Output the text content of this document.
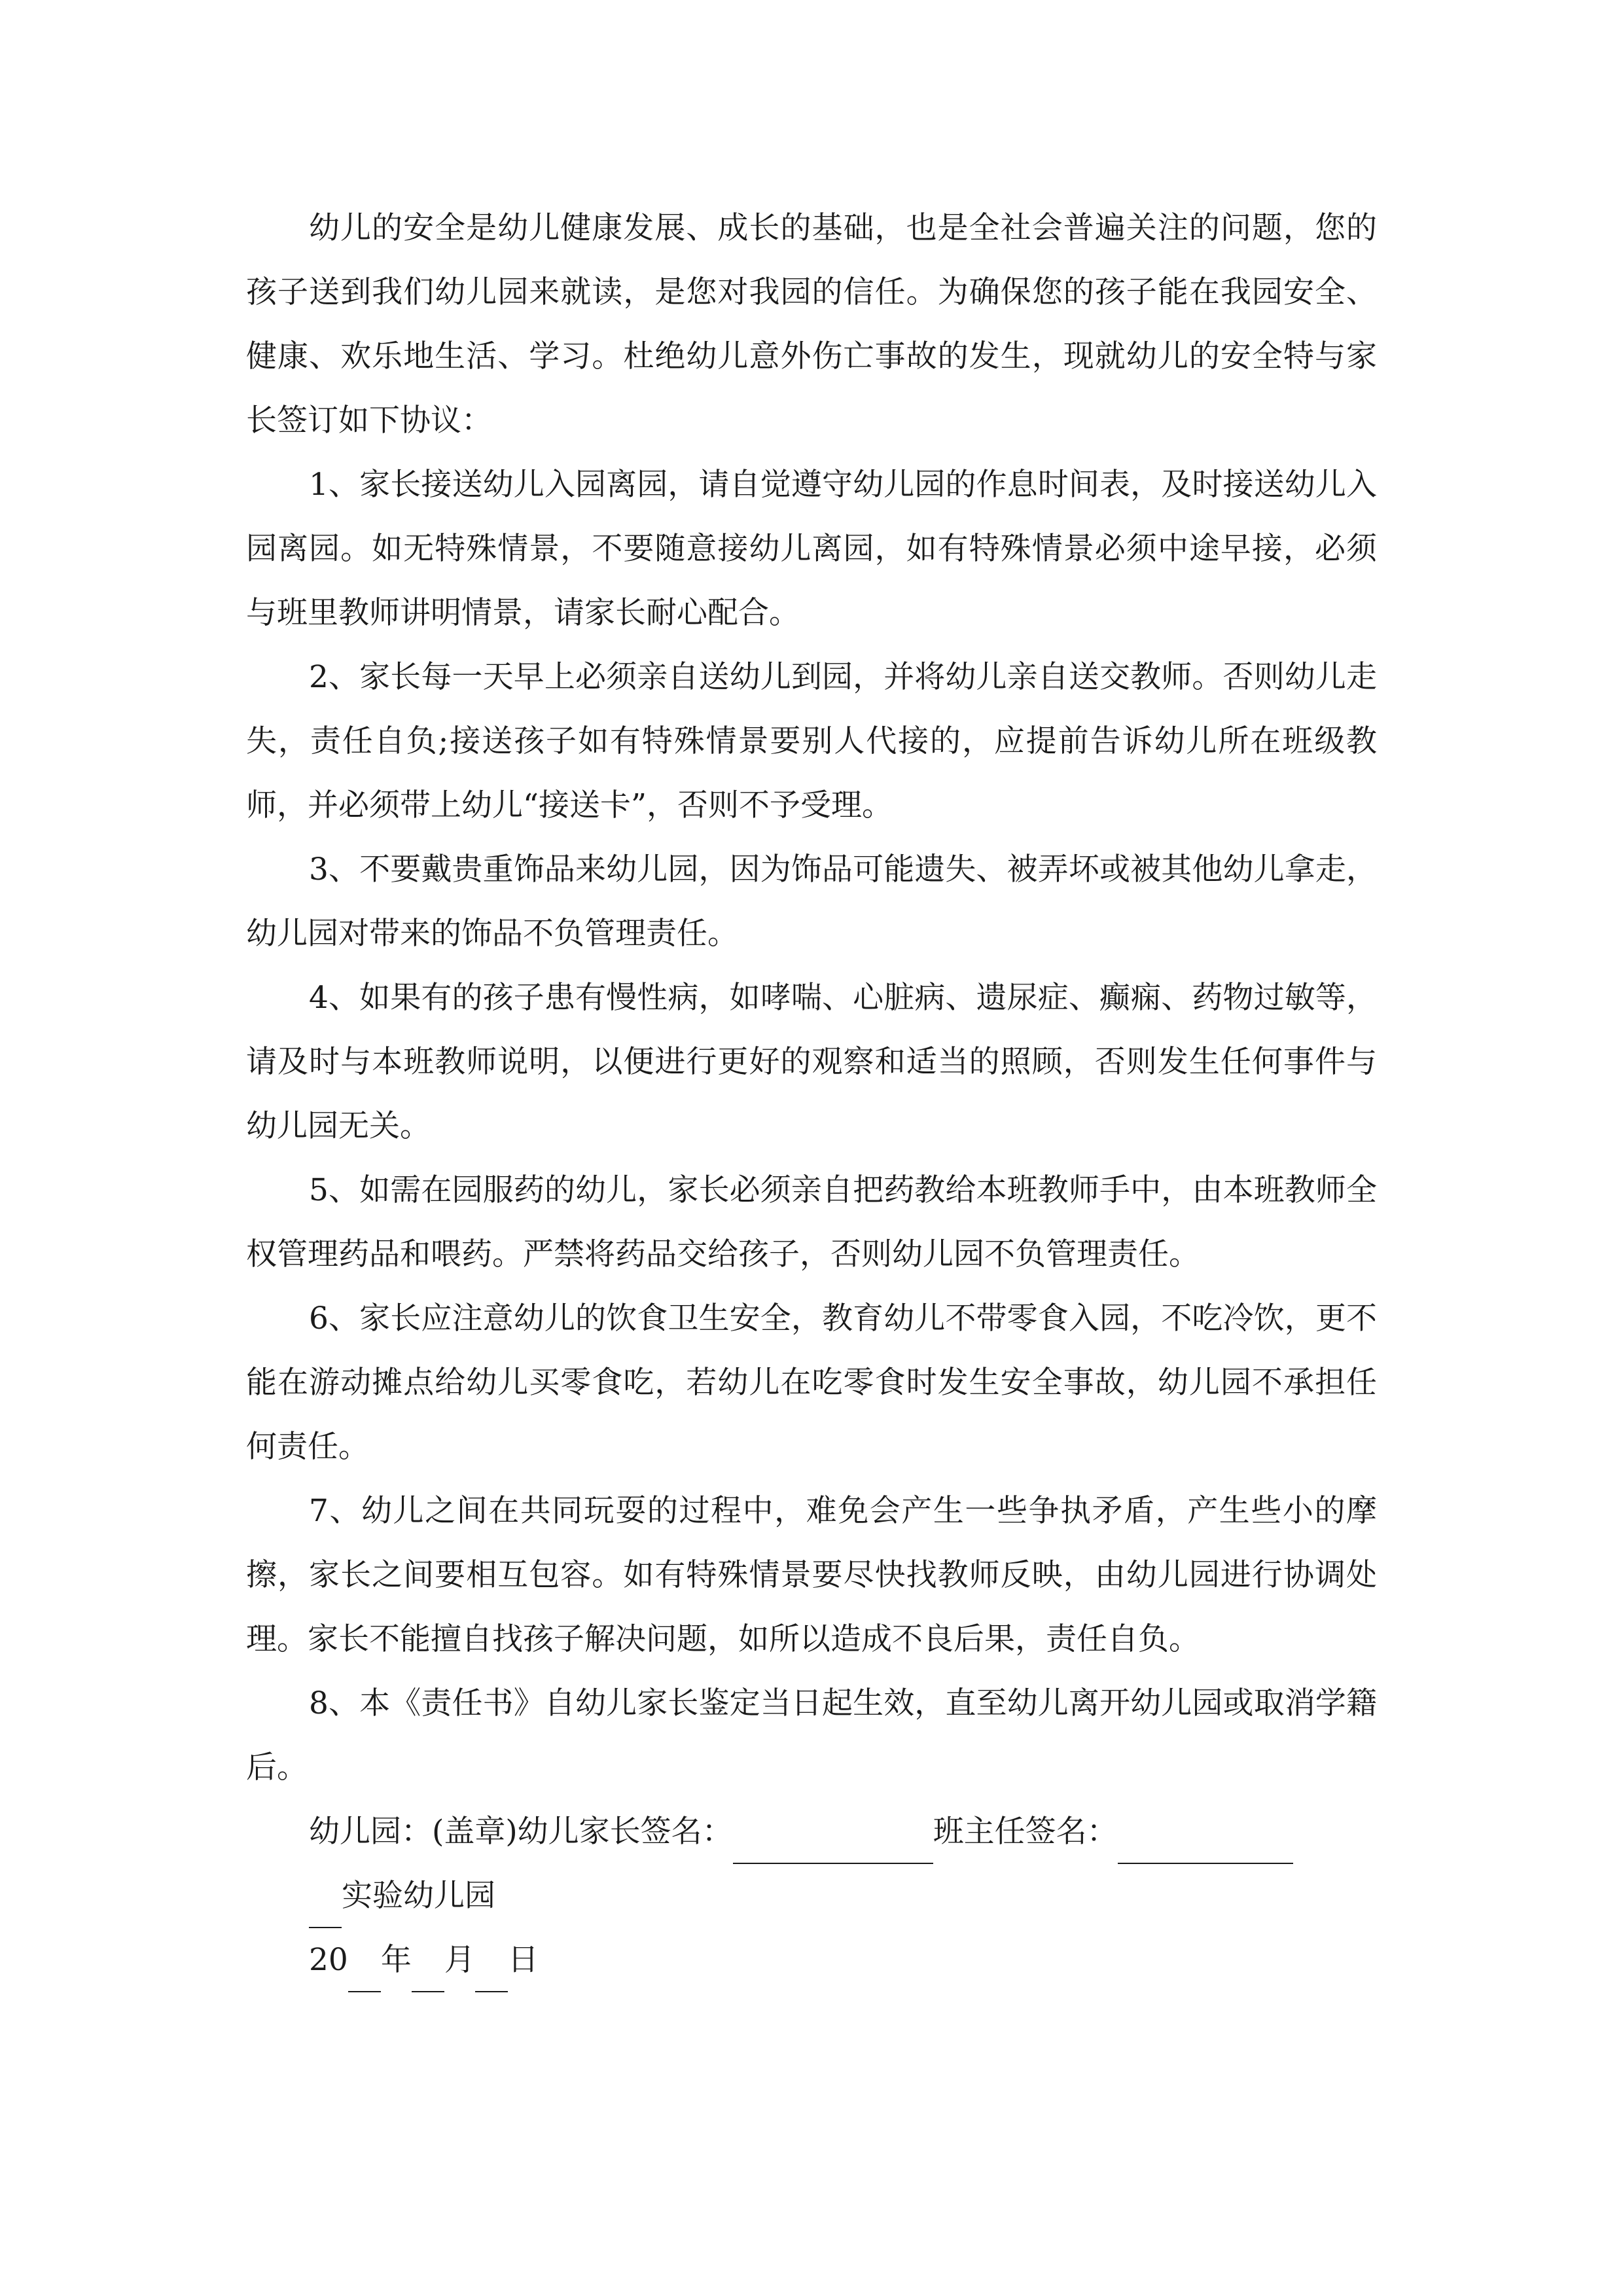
幼儿的安全是幼儿健康发展、成长的基础，也是全社会普遍关注的问题，您的孩子送到我们幼儿园来就读，是您对我园的信任。为确保您的孩子能在我园安全、健康、欢乐地生活、学习。杜绝幼儿意外伤亡事故的发生，现就幼儿的安全特与家长签订如下协议：

1、家长接送幼儿入园离园，请自觉遵守幼儿园的作息时间表，及时接送幼儿入园离园。如无特殊情景，不要随意接幼儿离园，如有特殊情景必须中途早接，必须与班里教师讲明情景，请家长耐心配合。

2、家长每一天早上必须亲自送幼儿到园，并将幼儿亲自送交教师。否则幼儿走失，责任自负;接送孩子如有特殊情景要别人代接的，应提前告诉幼儿所在班级教师，并必须带上幼儿“接送卡”，否则不予受理。

3、不要戴贵重饰品来幼儿园，因为饰品可能遗失、被弄坏或被其他幼儿拿走，幼儿园对带来的饰品不负管理责任。

4、如果有的孩子患有慢性病，如哮喘、心脏病、遗尿症、癫痫、药物过敏等，请及时与本班教师说明，以便进行更好的观察和适当的照顾，否则发生任何事件与幼儿园无关。

5、如需在园服药的幼儿，家长必须亲自把药教给本班教师手中，由本班教师全权管理药品和喂药。严禁将药品交给孩子，否则幼儿园不负管理责任。

6、家长应注意幼儿的饮食卫生安全，教育幼儿不带零食入园，不吃冷饮，更不能在游动摊点给幼儿买零食吃，若幼儿在吃零食时发生安全事故，幼儿园不承担任何责任。

7、幼儿之间在共同玩耍的过程中，难免会产生一些争执矛盾，产生些小的摩擦，家长之间要相互包容。如有特殊情景要尽快找教师反映，由幼儿园进行协调处理。家长不能擅自找孩子解决问题，如所以造成不良后果，责任自负。

8、本《责任书》自幼儿家长鉴定当日起生效，直至幼儿离开幼儿园或取消学籍后。

幼儿园：(盖章)幼儿家长签名：	班主任签名：
实验幼儿园
20 年 月 日
